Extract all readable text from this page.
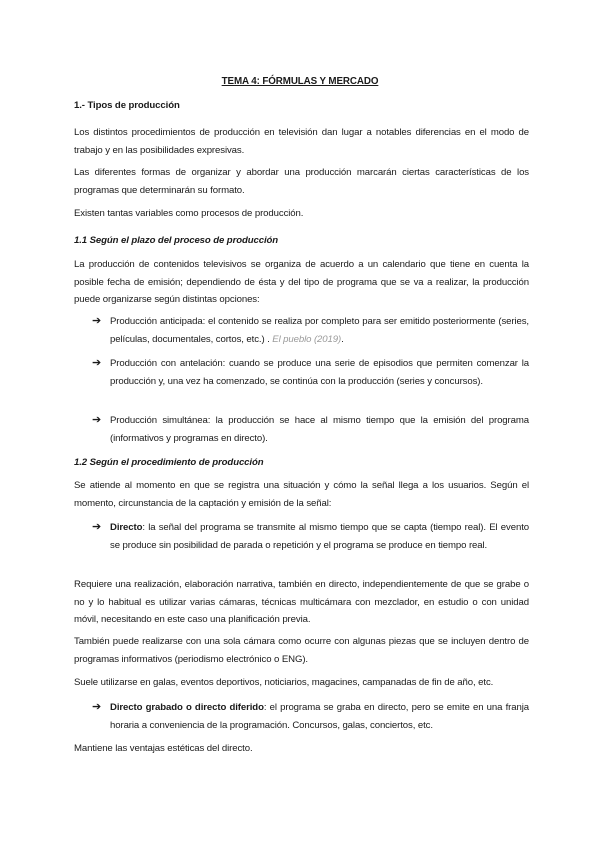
TEMA 4: FÓRMULAS Y MERCADO
1.- Tipos de producción
Los distintos procedimientos de producción en televisión dan lugar a notables diferencias en el modo de trabajo y en las posibilidades expresivas.
Las diferentes formas de organizar y abordar una producción marcarán ciertas características de los programas que determinarán su formato.
Existen tantas variables como procesos de producción.
1.1 Según el plazo del proceso de producción
La producción de contenidos televisivos se organiza de acuerdo a un calendario que tiene en cuenta la posible fecha de emisión; dependiendo de ésta y del tipo de programa que se va a realizar, la producción puede organizarse según distintas opciones:
➔ Producción anticipada: el contenido se realiza por completo para ser emitido posteriormente (series, películas, documentales, cortos, etc.) . El pueblo (2019).
➔ Producción con antelación: cuando se produce una serie de episodios que permiten comenzar la producción y, una vez ha comenzado, se continúa con la producción (series y concursos).
➔ Producción simultánea: la producción se hace al mismo tiempo que la emisión del programa (informativos y programas en directo).
1.2 Según el procedimiento de producción
Se atiende al momento en que se registra una situación y cómo la señal llega a los usuarios. Según el momento, circunstancia de la captación y emisión de la señal:
➔ Directo: la señal del programa se transmite al mismo tiempo que se capta (tiempo real). El evento se produce sin posibilidad de parada o repetición y el programa se produce en tiempo real.
Requiere una realización, elaboración narrativa, también en directo, independientemente de que se grabe o no y lo habitual es utilizar varias cámaras, técnicas multicámara con mezclador, en estudio o con unidad móvil, necesitando en este caso una planificación previa.
También puede realizarse con una sola cámara como ocurre con algunas piezas que se incluyen dentro de programas informativos (periodismo electrónico o ENG).
Suele utilizarse en galas, eventos deportivos, noticiarios, magacines, campanadas de fin de año, etc.
➔ Directo grabado o directo diferido: el programa se graba en directo, pero se emite en una franja horaria a conveniencia de la programación. Concursos, galas, conciertos, etc.
Mantiene las ventajas estéticas del directo.
